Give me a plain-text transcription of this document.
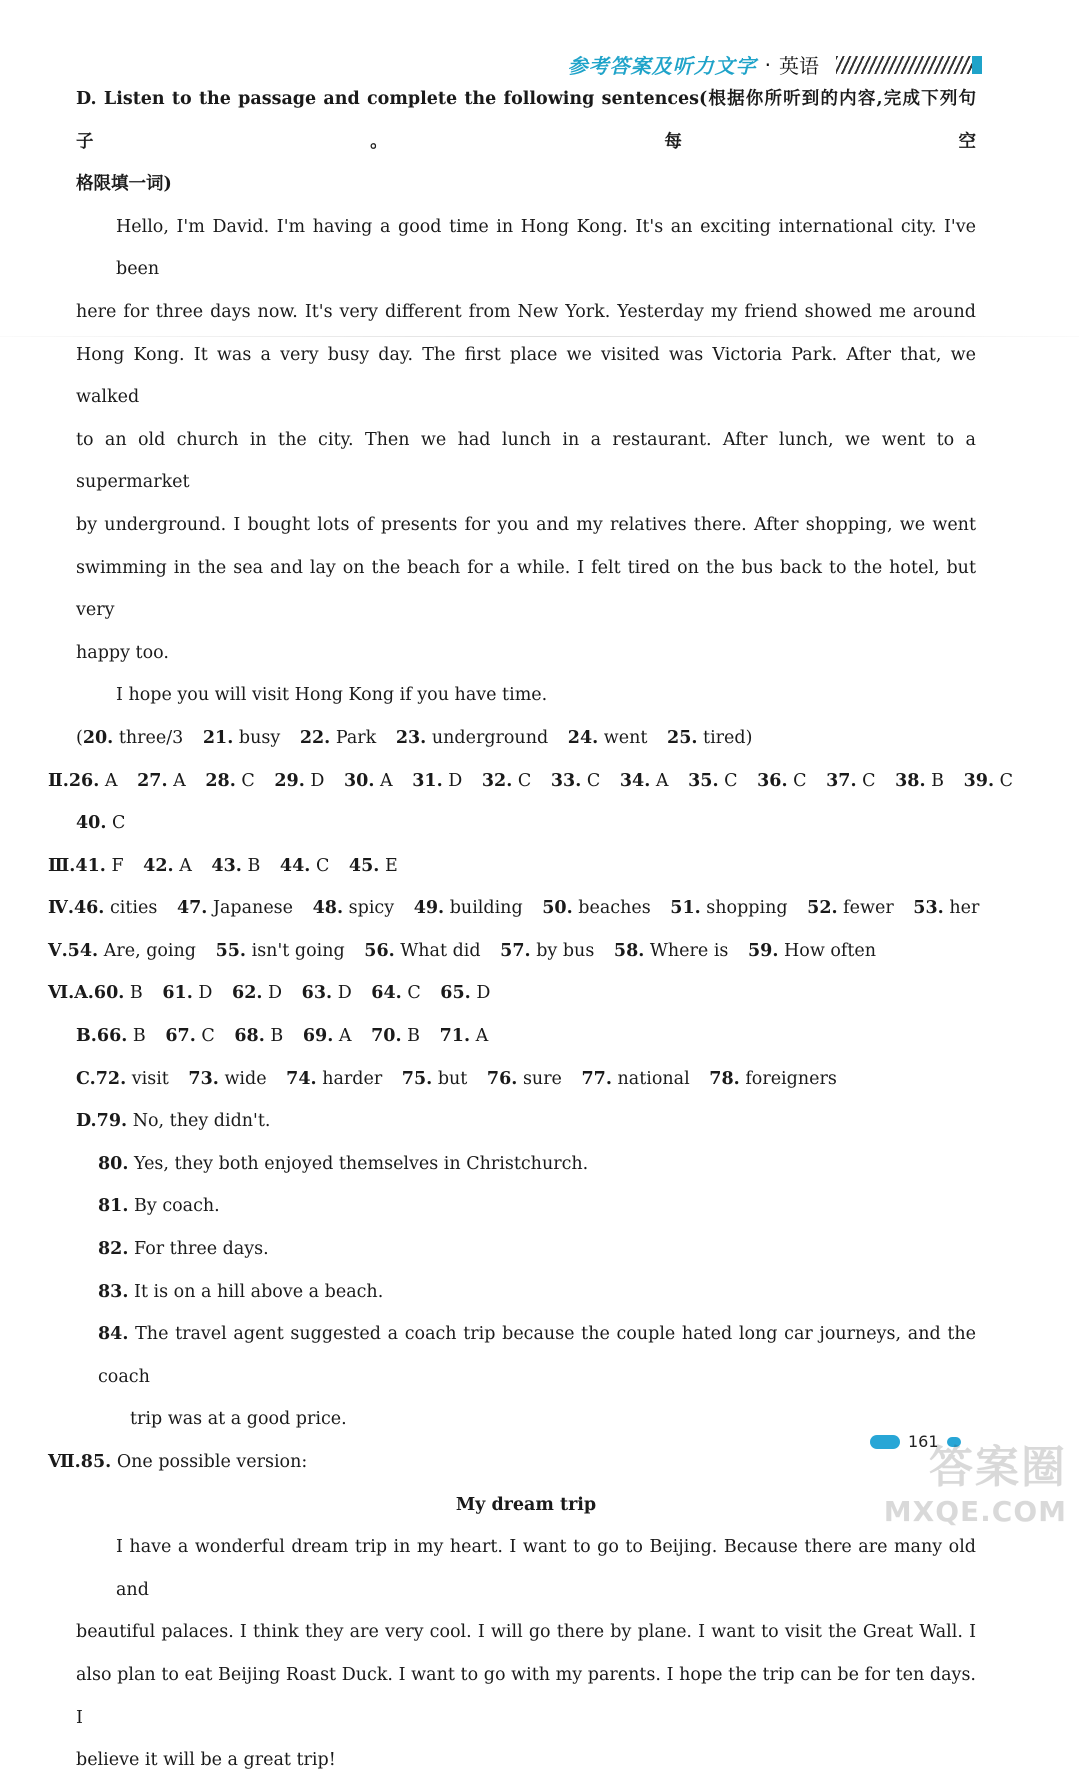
参考答案及听力文字 · 英语
D. Listen to the passage and complete the following sentences(根据你所听到的内容,完成下列句子。每空
格限填一词)
Hello, I'm David. I'm having a good time in Hong Kong. It's an exciting international city. I've been
here for three days now. It's very different from New York. Yesterday my friend showed me around
Hong Kong. It was a very busy day. The first place we visited was Victoria Park. After that, we walked
to an old church in the city. Then we had lunch in a restaurant. After lunch, we went to a supermarket
by underground. I bought lots of presents for you and my relatives there. After shopping, we went
swimming in the sea and lay on the beach for a while. I felt tired on the bus back to the hotel, but very
happy too.
I hope you will visit Hong Kong if you have time.
(20. three/3 21. busy 22. Park 23. underground 24. went 25. tired)
Ⅱ.26. A 27. A 28. C 29. D 30. A 31. D 32. C 33. C 34. A 35. C 36. C 37. C 38. B 39. C
40. C
Ⅲ.41. F 42. A 43. B 44. C 45. E
Ⅳ.46. cities 47. Japanese 48. spicy 49. building 50. beaches 51. shopping 52. fewer 53. her
Ⅴ.54. Are, going 55. isn't going 56. What did 57. by bus 58. Where is 59. How often
Ⅵ.A.60. B 61. D 62. D 63. D 64. C 65. D
B.66. B 67. C 68. B 69. A 70. B 71. A
C.72. visit 73. wide 74. harder 75. but 76. sure 77. national 78. foreigners
D.79. No, they didn't.
80. Yes, they both enjoyed themselves in Christchurch.
81. By coach.
82. For three days.
83. It is on a hill above a beach.
84. The travel agent suggested a coach trip because the couple hated long car journeys, and the coach
trip was at a good price.
Ⅶ.85. One possible version:
My dream trip
I have a wonderful dream trip in my heart. I want to go to Beijing. Because there are many old and
beautiful palaces. I think they are very cool. I will go there by plane. I want to visit the Great Wall. I
also plan to eat Beijing Roast Duck. I want to go with my parents. I hope the trip can be for ten days. I
believe it will be a great trip!
161
答案圈
MXQE.COM
